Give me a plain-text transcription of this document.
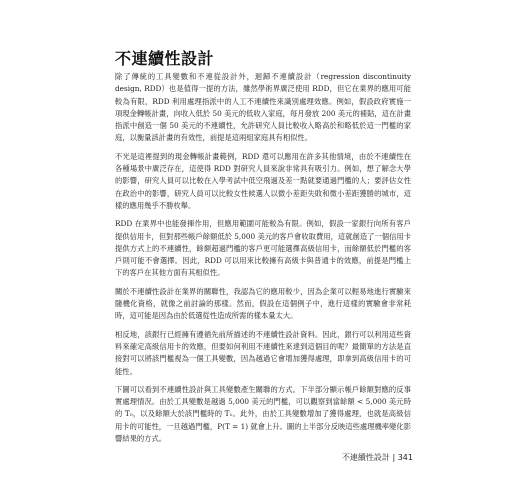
不連續性設計

除了傳統的工具變數和不連從設計外，迴歸不連續設計（regression discontinuity design, RDD）也是值得一提的方法，雖然學術界廣泛使用 RDD，但它在業界的應用可能較為有限，RDD 利用處理指派中的人工不連續性來識別處理效應。例如，假設政府實施一項現金轉帳計畫，向收入低於 50 美元的低收入家庭，每月發放 200 美元的補貼，這在計畫指派中創造一個 50 美元的不連續性，允許研究人員比較收入略高於和略低於這一門檻的家庭，以衡量該計畫的有效性，前提是這兩組家庭具有相似性。

不光是這裡提到的現金轉帳計畫範例，RDD 還可以應用在許多其他情境，由於不連續性在各種場景中廣泛存在，這使得 RDD 對研究人員來說非常具有吸引力。例如，想了解念大學的影響，研究人員可以比較在入學考試中低空飛過及差一點就要通過門檻的人；要評估女性在政治中的影響，研究人員可以比較女性候選人以微小差距失敗和微小差距獲勝的城市，這樣的應用幾乎不勝枚舉。

RDD 在業界中也能發揮作用，但應用範圍可能較為有限。例如，假設一家銀行向所有客戶提供信用卡，但對那些帳戶餘額低於 5,000 美元的客戶會收取費用，這就創造了一個信用卡提供方式上的不連續性，餘額超過門檻的客戶更可能選擇高級信用卡，而餘額低於門檻的客戶則可能不會選擇。因此，RDD 可以用來比較擁有高級卡與普通卡的效應，前提是門檻上下的客戶在其他方面有其相似性。

關於不連續性設計在業界的關聯性，我認為它的應用較少，因為企業可以輕易地進行實驗來隨機化資格，就像之前討論的那樣。然而，假設在這個例子中，進行這樣的實驗會非常耗時，這可能是因為由於低選從性造成所需的樣本量太大。

相反地，該銀行已經擁有遵循先前所描述的不連續性設計資料。因此，銀行可以利用這些資料來確定高級信用卡的效應，但要如何利用不連續性來達到這個目的呢？最簡單的方法是直接對可以將該門檻視為一個工具變數，因為越過它會增加獲得處理，即拿到高級信用卡的可能性。

下圖可以看到不連續性設計與工具變數產生關聯的方式。下半部分顯示帳戶餘額對應的反事實處理情況。由於工具變數是越過 5,000 美元的門檻，可以觀察到當餘額 < 5,000 美元時的 T₀，以及餘額大於該門檻時的 T₁。此外，由於工具變數增加了獲得處理，也就是高級信用卡的可能性，一旦越過門檻，P(T = 1) 就會上升。圖的上半部分反映這些處理機率變化影響結果的方式。

不連續性設計 | 341
